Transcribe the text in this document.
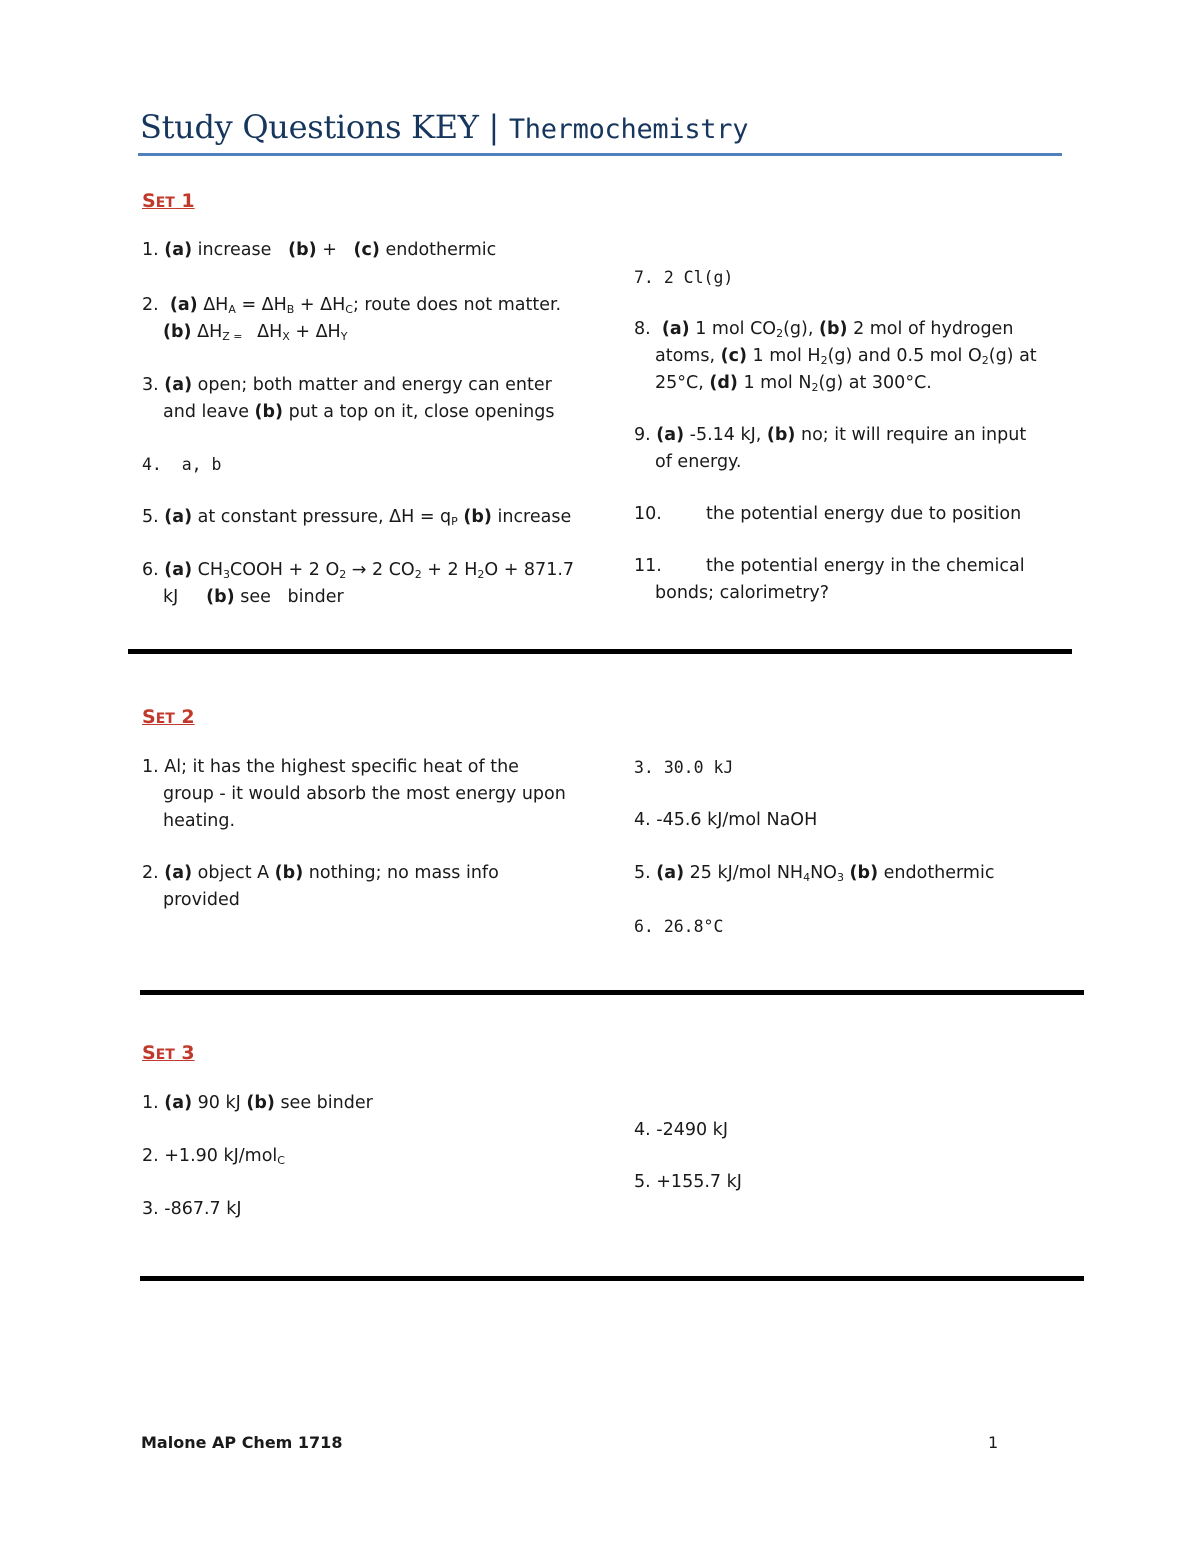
Study Questions KEY | Thermochemistry
SET 1
1. (a) increase   (b) +   (c) endothermic
2.  (a) $\Delta H_A = \Delta H_B + \Delta H_C$; route does not matter.
(b) $\Delta H_{Z =}$   $\Delta H_X + \Delta H_Y$
3. (a) open; both matter and energy can enter
and leave (b) put a top on it, close openings
4.  a, b
5. (a) at constant pressure, $\Delta H = q_P$ (b) increase
6. (a) $CH_3COOH + 2$ $O_2 \to 2$ $CO_2 + 2$ $H_2O + 871.7$
kJ     (b) see   binder
7. 2 Cl(g)
8.  (a) 1 mol $CO_2(g)$, (b) 2 mol of hydrogen
atoms, (c) 1 mol $H_2(g)$ and 0.5 mol $O_2(g)$ at
25°C, (d) 1 mol $N_2(g)$ at 300°C.
9. (a) -5.14 kJ, (b) no; it will require an input
of energy.
10.	the potential energy due to position
11.	the potential energy in the chemical
bonds; calorimetry?
SET 2
1. Al; it has the highest specific heat of the
group - it would absorb the most energy upon
heating.
2. (a) object A (b) nothing; no mass info
provided
3. 30.0 kJ
4. -45.6 kJ/mol NaOH
5. (a) 25 kJ/mol $NH_4NO_3$ (b) endothermic
6. 26.8°C
SET 3
1. (a) 90 kJ (b) see binder
2. +1.90 kJ/mol$_C$
3. -867.7 kJ
4. -2490 kJ
5. +155.7 kJ
Malone AP Chem 1718	1
